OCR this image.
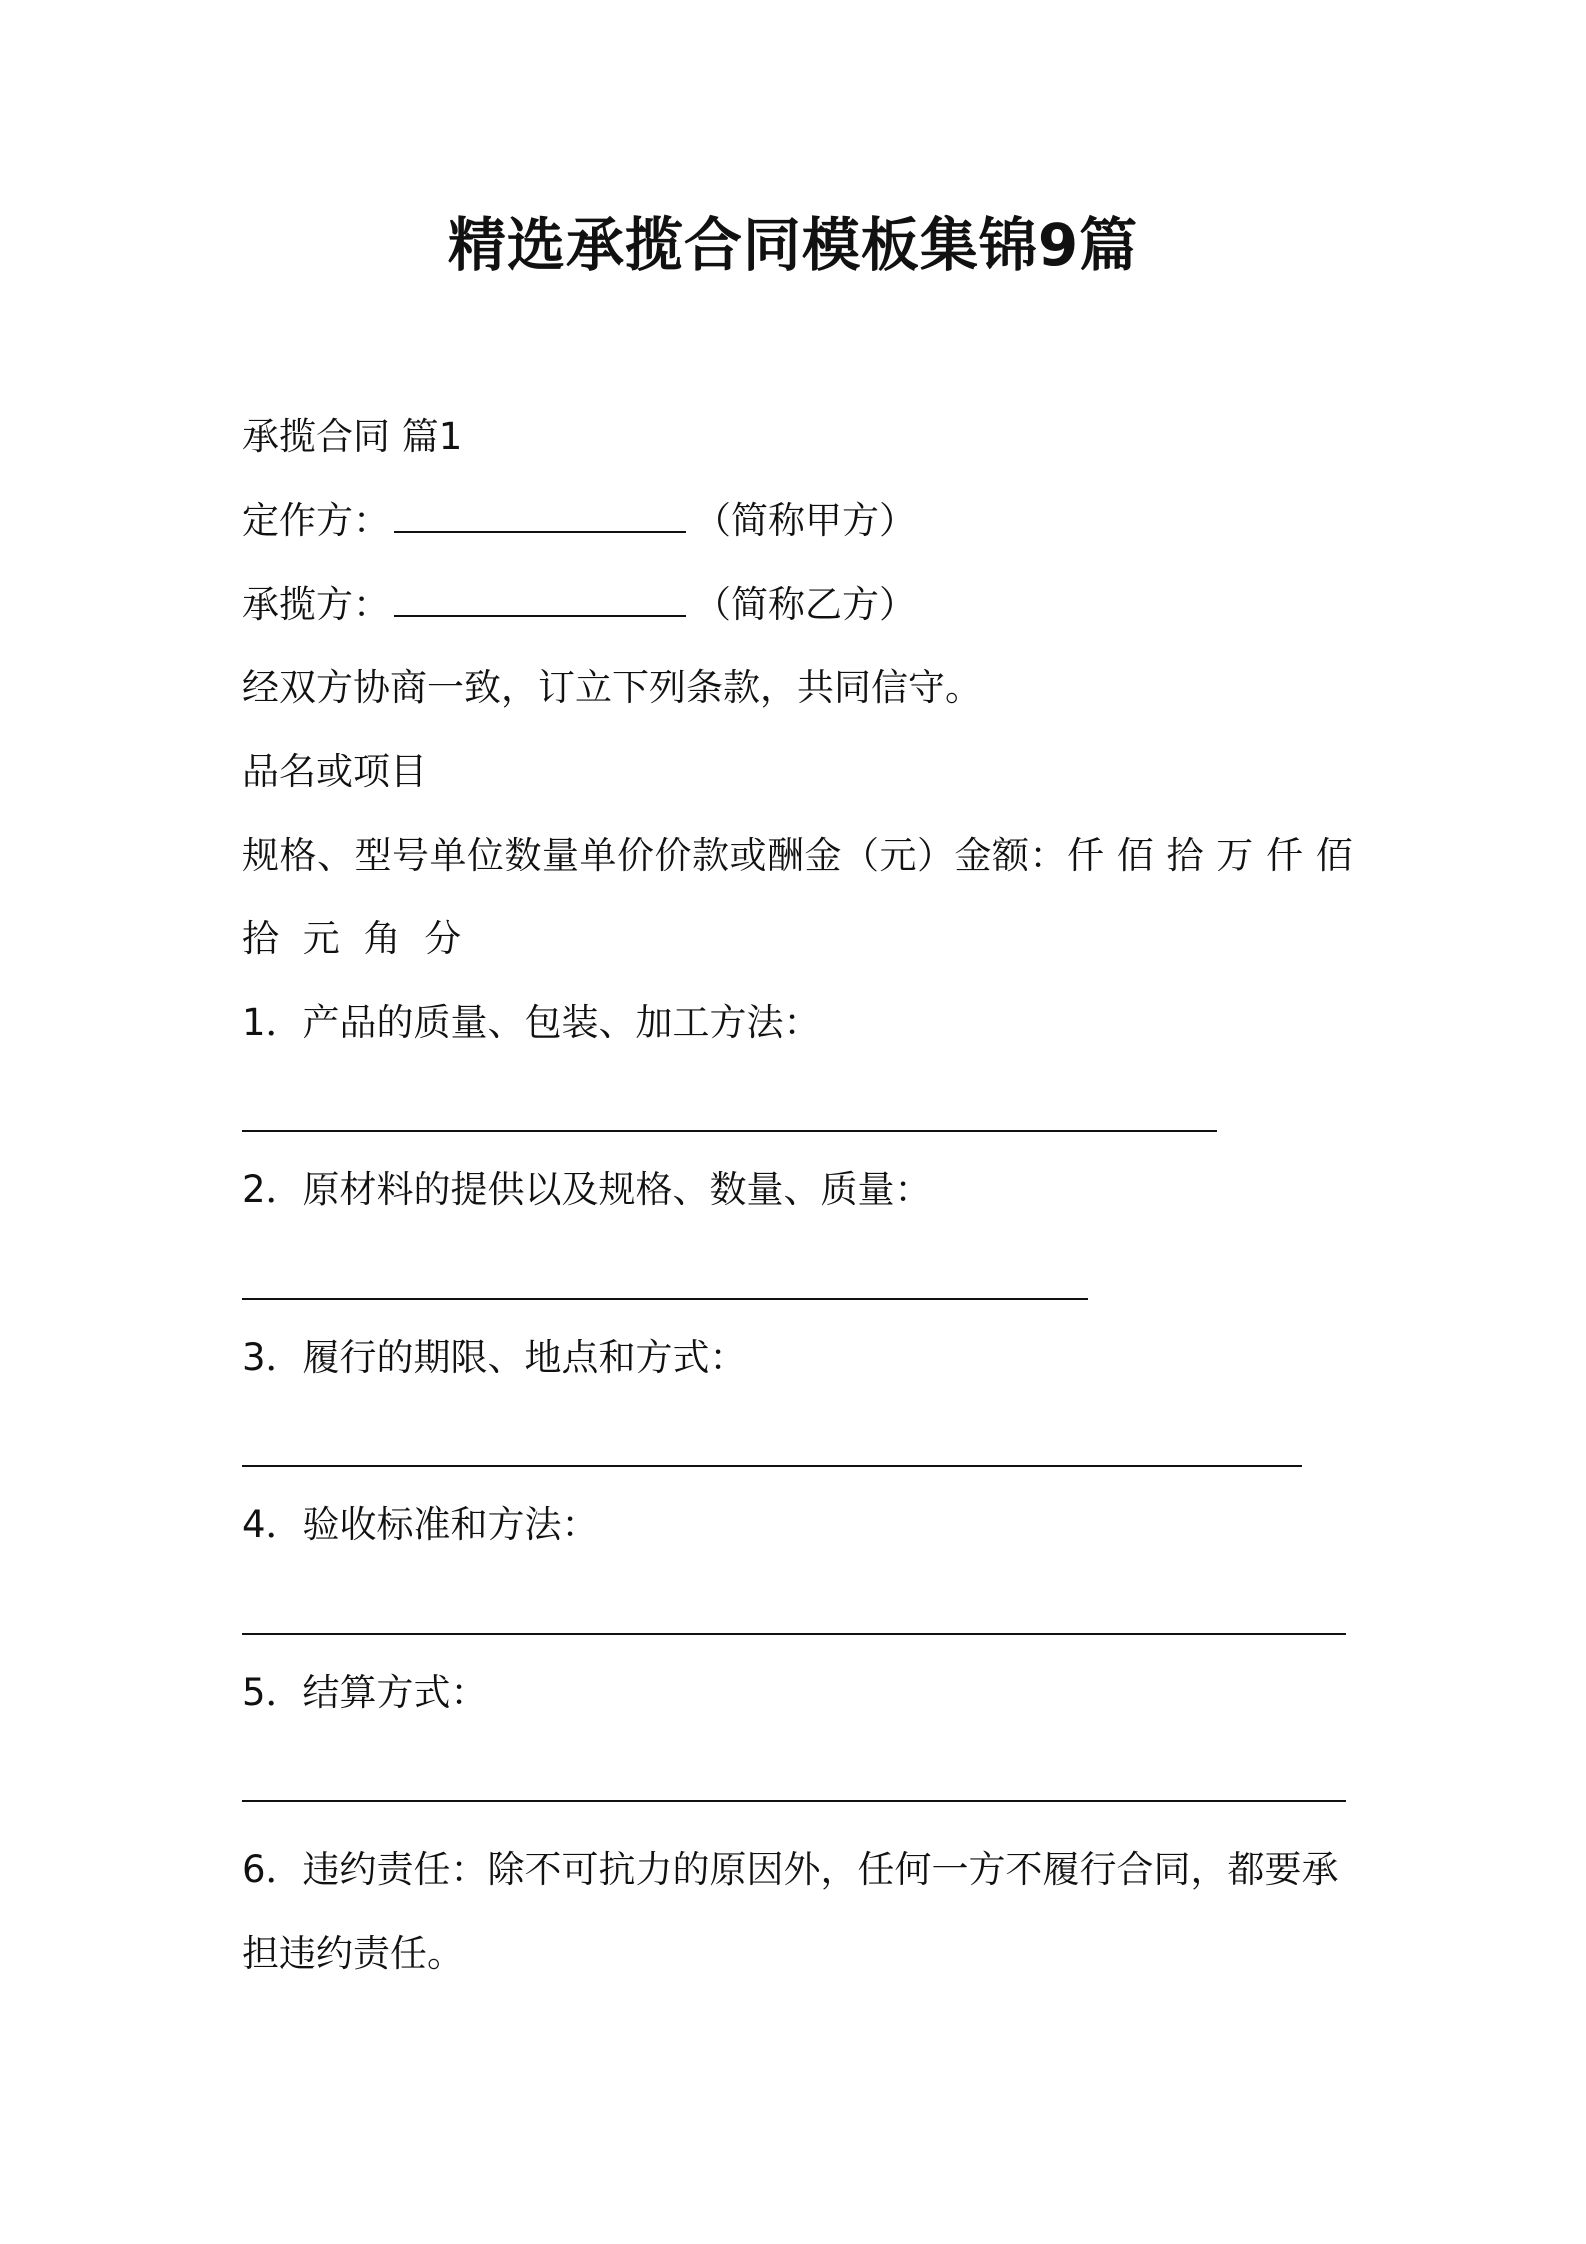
精选承揽合同模板集锦9篇
承揽合同 篇1
定作方：	（简称甲方）
承揽方：	（简称乙方）
经双方协商一致，订立下列条款，共同信守。
品名或项目
规格、型号单位数量单价价款或酬金（元）金额：仟 佰 拾 万 仟 佰
拾 元 角 分
1．产品的质量、包装、加工方法：
2．原材料的提供以及规格、数量、质量：
3．履行的期限、地点和方式：
4．验收标准和方法：
5．结算方式：
6．违约责任：除不可抗力的原因外，任何一方不履行合同，都要承
担违约责任。
